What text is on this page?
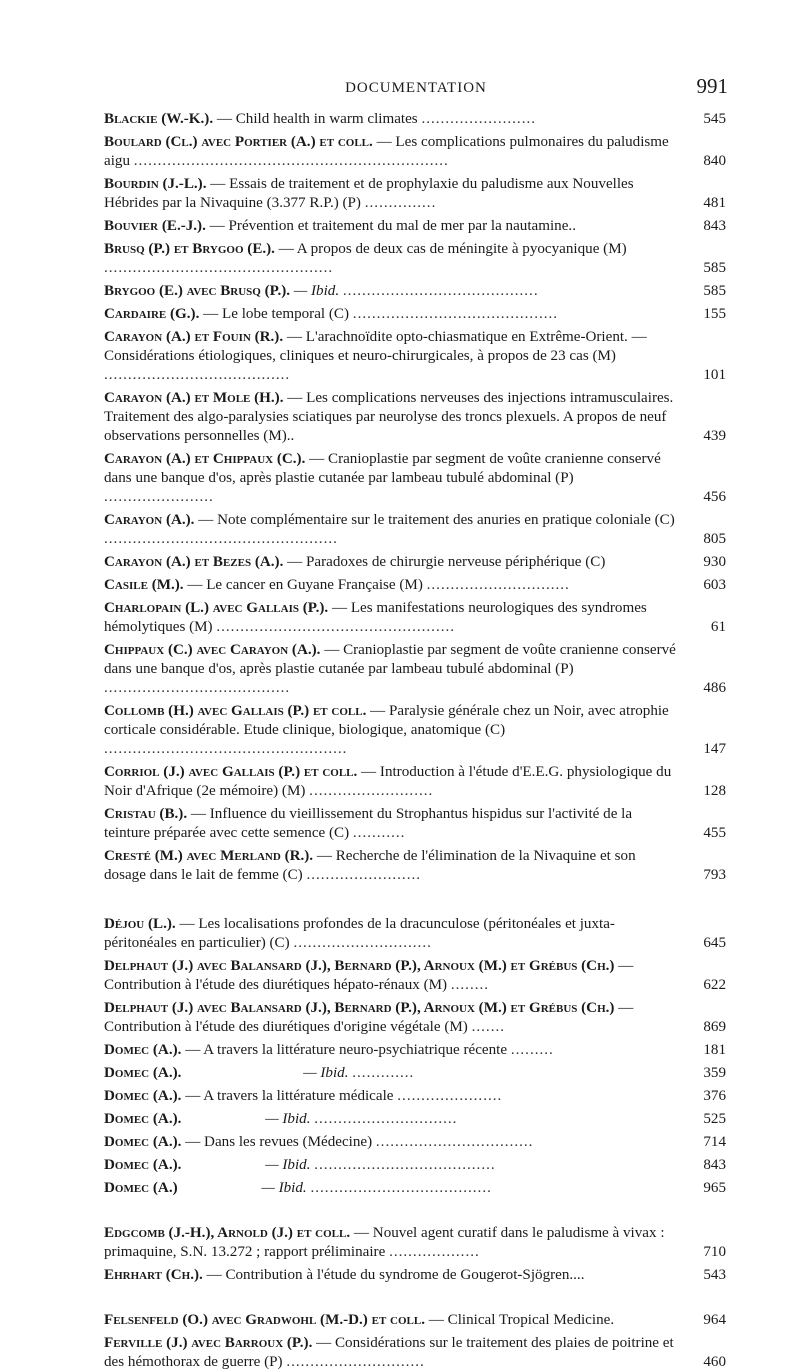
DOCUMENTATION	991
Blackie (W.-K.). — Child health in warm climates ........................	545
Boulard (Cl.) avec Portier (A.) et coll. — Les complications pulmonaires du paludisme aigu ..................................................................	840
Bourdin (J.-L.). — Essais de traitement et de prophylaxie du paludisme aux Nouvelles Hébrides par la Nivaquine (3.377 R.P.) (P) ...............	481
Bouvier (E.-J.). — Prévention et traitement du mal de mer par la nautamine..	843
Brusq (P.) et Brygoo (E.). — A propos de deux cas de méningite à pyocyanique (M) ................................................	585
Brygoo (E.) avec Brusq (P.). — Ibid. .........................................	585
Cardaire (G.). — Le lobe temporal (C) ...........................................	155
Carayon (A.) et Fouin (R.). — L'arachnoïdite opto-chiasmatique en Extrême-Orient. — Considérations étiologiques, cliniques et neuro-chirurgicales, à propos de 23 cas (M) .......................................	101
Carayon (A.) et Mole (H.). — Les complications nerveuses des injections intramusculaires. Traitement des algo-paralysies sciatiques par neurolyse des troncs plexuels. A propos de neuf observations personnelles (M)..	439
Carayon (A.) et Chippaux (C.). — Cranioplastie par segment de voûte cranienne conservé dans une banque d'os, après plastie cutanée par lambeau tubulé abdominal (P) .......................	456
Carayon (A.). — Note complémentaire sur le traitement des anuries en pratique coloniale (C) .................................................	805
Carayon (A.) et Bezes (A.). — Paradoxes de chirurgie nerveuse périphérique (C)	930
Casile (M.). — Le cancer en Guyane Française (M) ..............................	603
Charlopain (L.) avec Gallais (P.). — Les manifestations neurologiques des syndromes hémolytiques (M) ..................................................	61
Chippaux (C.) avec Carayon (A.). — Cranioplastie par segment de voûte cranienne conservé dans une banque d'os, après plastie cutanée par lambeau tubulé abdominal (P) .......................................	486
Collomb (H.) avec Gallais (P.) et coll. — Paralysie générale chez un Noir, avec atrophie corticale considérable. Etude clinique, biologique, anatomique (C) ...................................................	147
Corriol (J.) avec Gallais (P.) et coll. — Introduction à l'étude d'E.E.G. physiologique du Noir d'Afrique (2e mémoire) (M) ..........................	128
Cristau (B.). — Influence du vieillissement du Strophantus hispidus sur l'activité de la teinture préparée avec cette semence (C) ...........	455
Cresté (M.) avec Merland (R.). — Recherche de l'élimination de la Nivaquine et son dosage dans le lait de femme (C) ........................	793
Déjou (L.). — Les localisations profondes de la dracunculose (péritonéales et juxta-péritonéales en particulier) (C) .............................	645
Delphaut (J.) avec Balansard (J.), Bernard (P.), Arnoux (M.) et Grébus (Ch.) — Contribution à l'étude des diurétiques hépato-rénaux (M) ........	622
Delphaut (J.) avec Balansard (J.), Bernard (P.), Arnoux (M.) et Grébus (Ch.) — Contribution à l'étude des diurétiques d'origine végétale (M) .......	869
Domec (A.). — A travers la littérature neuro-psychiatrique récente .........	181
Domec (A.).	— Ibid. .............	359
Domec (A.). — A travers la littérature médicale ......................	376
Domec (A.).	— Ibid. ..............................	525
Domec (A.). — Dans les revues (Médecine) .................................	714
Domec (A.).	— Ibid. ......................................	843
Domec (A.)	— Ibid. ......................................	965
Edgcomb (J.-H.), Arnold (J.) et coll. — Nouvel agent curatif dans le paludisme à vivax : primaquine, S.N. 13.272 ; rapport préliminaire ...................	710
Ehrhart (Ch.). — Contribution à l'étude du syndrome de Gougerot-Sjögren....	543
Felsenfeld (O.) avec Gradwohl (M.-D.) et coll. — Clinical Tropical Medicine.	964
Ferville (J.) avec Barroux (P.). — Considérations sur le traitement des plaies de poitrine et des hémothorax de guerre (P) .............................	460
